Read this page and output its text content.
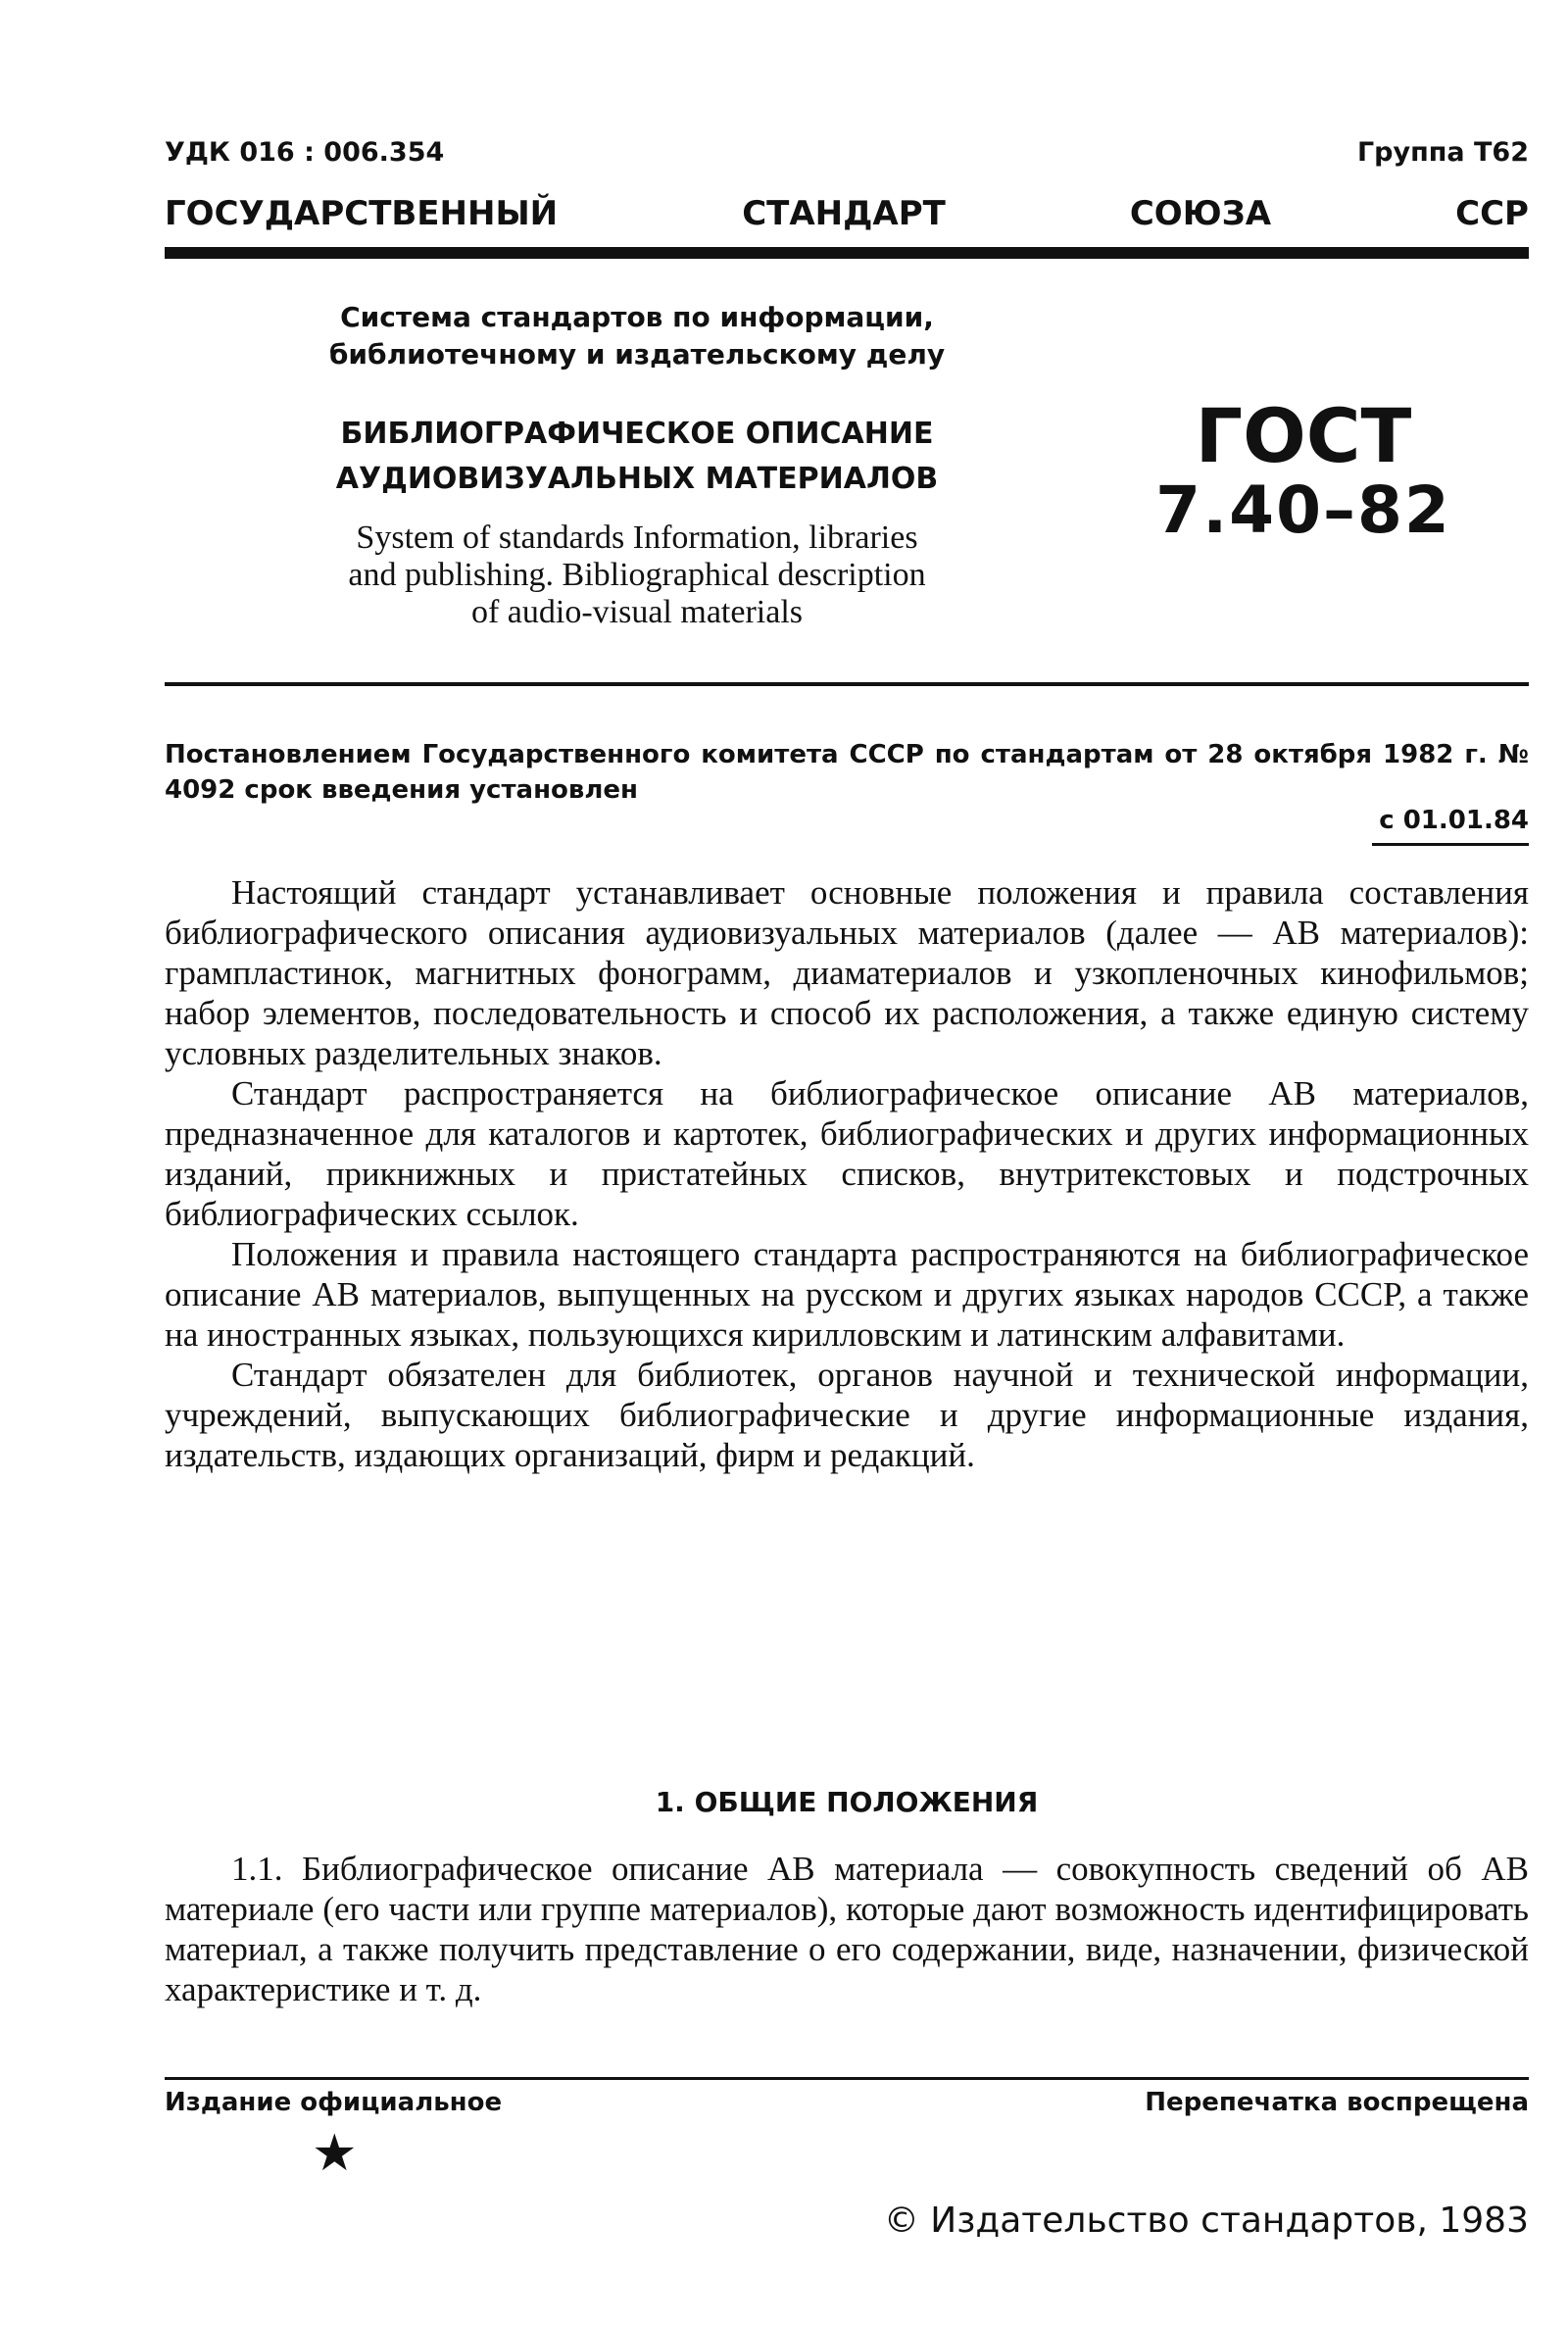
УДК 016 : 006.354	Группа Т62
ГОСУДАРСТВЕННЫЙ	СТАНДАРТ	СОЮЗА	ССР
Система стандартов по информации,
библиотечному и издательскому делу
БИБЛИОГРАФИЧЕСКОЕ ОПИСАНИЕ
АУДИОВИЗУАЛЬНЫХ МАТЕРИАЛОВ
System of standards Information, libraries
and publishing. Bibliographical description
of audio-visual materials
ГОСТ
7.40–82
Постановлением Государственного комитета СССР по стандартам от 28 октября 1982 г. № 4092 срок введения установлен
с 01.01.84

Настоящий стандарт устанавливает основные положения и правила составления библиографического описания аудиовизуальных материалов (далее — АВ материалов): грампластинок, магнитных фонограмм, диаматериалов и узкопленочных кинофильмов; набор элементов, последовательность и способ их расположения, а также единую систему условных разделительных знаков.

Стандарт распространяется на библиографическое описание АВ материалов, предназначенное для каталогов и картотек, библиографических и других информационных изданий, прикнижных и пристатейных списков, внутритекстовых и подстрочных библиографических ссылок.

Положения и правила настоящего стандарта распространяются на библиографическое описание АВ материалов, выпущенных на русском и других языках народов СССР, а также на иностранных языках, пользующихся кирилловским и латинским алфавитами.

Стандарт обязателен для библиотек, органов научной и технической информации, учреждений, выпускающих библиографические и другие информационные издания, издательств, издающих организаций, фирм и редакций.

1. ОБЩИЕ ПОЛОЖЕНИЯ

1.1. Библиографическое описание АВ материала — совокупность сведений об АВ материале (его части или группе материалов), которые дают возможность идентифицировать материал, а также получить представление о его содержании, виде, назначении, физической характеристике и т. д.

Издание официальное	Перепечатка воспрещена
★
© Издательство стандартов, 1983
